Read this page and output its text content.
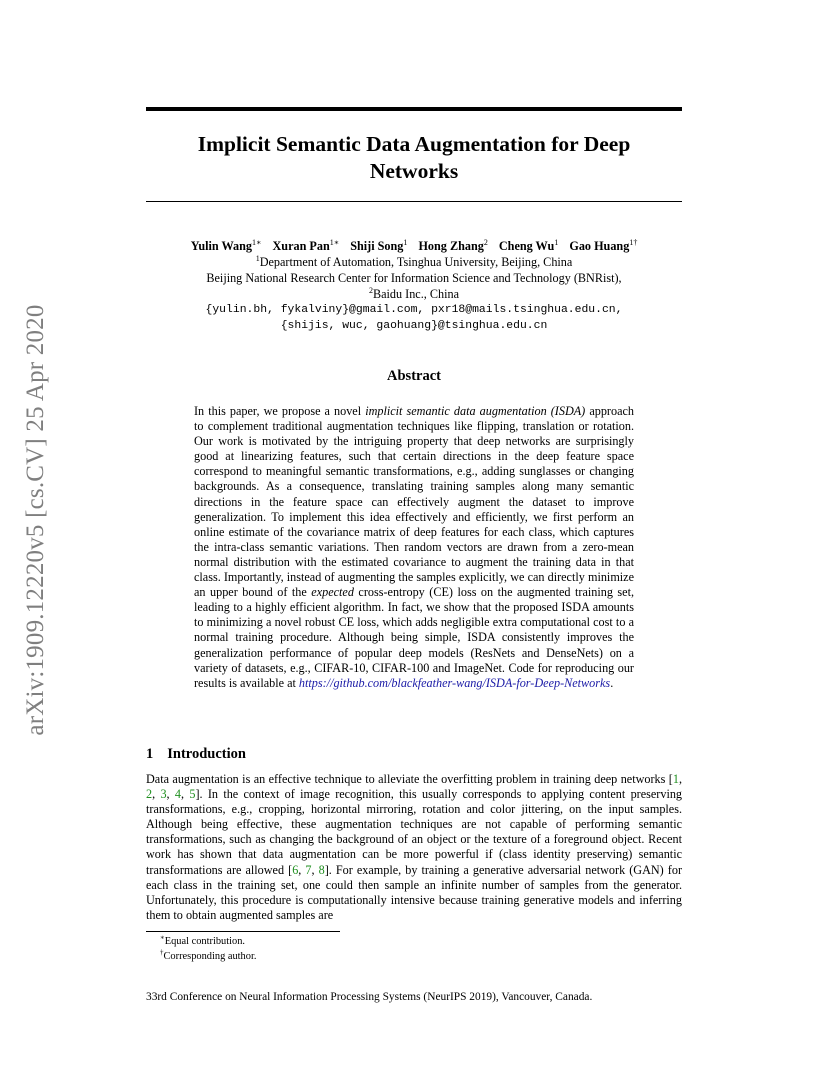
arXiv:1909.12220v5 [cs.CV] 25 Apr 2020
Implicit Semantic Data Augmentation for Deep
Networks
Yulin Wang$^{1∗}$ Xuran Pan$^{1∗}$ Shiji Song$^1$ Hong Zhang$^2$ Cheng Wu$^1$ Gao Huang$^{1\dagger}$
$^1$Department of Automation, Tsinghua University, Beijing, China
Beijing National Research Center for Information Science and Technology (BNRist),
$^2$Baidu Inc., China
{yulin.bh, fykalviny}@gmail.com, pxr18@mails.tsinghua.edu.cn,
{shijis, wuc, gaohuang}@tsinghua.edu.cn
Abstract
In this paper, we propose a novel implicit semantic data augmentation (ISDA) approach to complement traditional augmentation techniques like flipping, translation or rotation. Our work is motivated by the intriguing property that deep networks are surprisingly good at linearizing features, such that certain directions in the deep feature space correspond to meaningful semantic transformations, e.g., adding sunglasses or changing backgrounds. As a consequence, translating training samples along many semantic directions in the feature space can effectively augment the dataset to improve generalization. To implement this idea effectively and efficiently, we first perform an online estimate of the covariance matrix of deep features for each class, which captures the intra-class semantic variations. Then random vectors are drawn from a zero-mean normal distribution with the estimated covariance to augment the training data in that class. Importantly, instead of augmenting the samples explicitly, we can directly minimize an upper bound of the expected cross-entropy (CE) loss on the augmented training set, leading to a highly efficient algorithm. In fact, we show that the proposed ISDA amounts to minimizing a novel robust CE loss, which adds negligible extra computational cost to a normal training procedure. Although being simple, ISDA consistently improves the generalization performance of popular deep models (ResNets and DenseNets) on a variety of datasets, e.g., CIFAR-10, CIFAR-100 and ImageNet. Code for reproducing our results is available at https://github.com/blackfeather-wang/ISDA-for-Deep-Networks.
1 Introduction
Data augmentation is an effective technique to alleviate the overfitting problem in training deep networks [1, 2, 3, 4, 5]. In the context of image recognition, this usually corresponds to applying content preserving transformations, e.g., cropping, horizontal mirroring, rotation and color jittering, on the input samples. Although being effective, these augmentation techniques are not capable of performing semantic transformations, such as changing the background of an object or the texture of a foreground object. Recent work has shown that data augmentation can be more powerful if (class identity preserving) semantic transformations are allowed [6, 7, 8]. For example, by training a generative adversarial network (GAN) for each class in the training set, one could then sample an infinite number of samples from the generator. Unfortunately, this procedure is computationally intensive because training generative models and inferring them to obtain augmented samples are
∗Equal contribution.
†Corresponding author.
33rd Conference on Neural Information Processing Systems (NeurIPS 2019), Vancouver, Canada.
